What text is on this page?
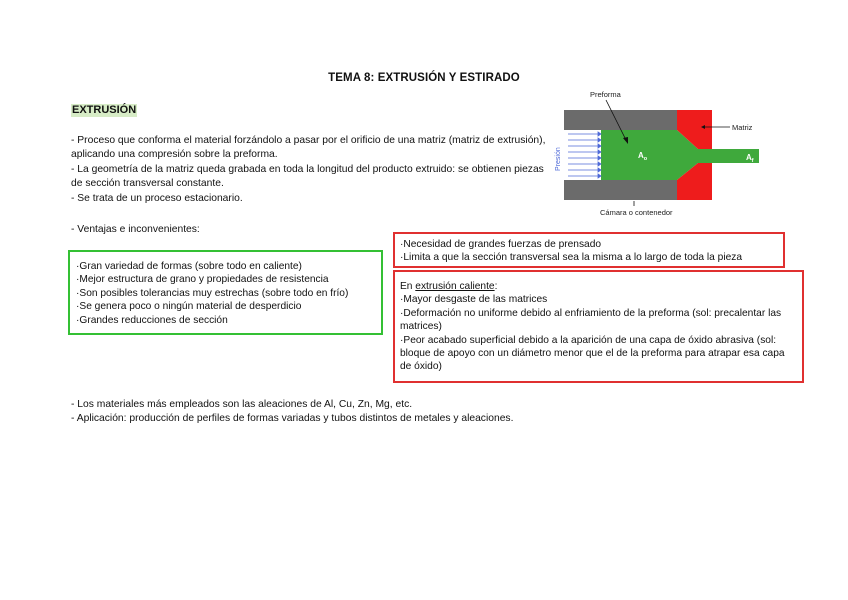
TEMA 8: EXTRUSIÓN Y ESTIRADO
EXTRUSIÓN

- Proceso que conforma el material forzándolo a pasar por el orificio de una matriz (matriz de extrusión), aplicando una compresión sobre la preforma.

- La geometría de la matriz queda grabada en toda la longitud del producto extruido: se obtienen piezas de sección transversal constante.

- Se trata de un proceso estacionario.

- Ventajas e inconvenientes:

·Gran variedad de formas (sobre todo en caliente)

·Mejor estructura de grano y propiedades de resistencia

·Son posibles tolerancias muy estrechas (sobre todo en frío)

·Se genera poco o ningún material de desperdicio

·Grandes reducciones de sección

·Necesidad de grandes fuerzas de prensado

·Limita a que la sección transversal sea la misma a lo largo de toda la pieza

En extrusión caliente:

·Mayor desgaste de las matrices

·Deformación no uniforme debido al enfriamiento de la preforma (sol: precalentar las matrices)

·Peor acabado superficial debido a la aparición de una capa de óxido abrasiva (sol: bloque de apoyo con un diámetro menor que el de la preforma para atrapar esa capa de óxido)

- Los materiales más empleados son las aleaciones de Al, Cu, Zn, Mg, etc.

- Aplicación: producción de perfiles de formas variadas y tubos distintos de metales y aleaciones.

Presión
Preforma
Matriz
$A_o$	$A_f$
Cámara o contenedor
